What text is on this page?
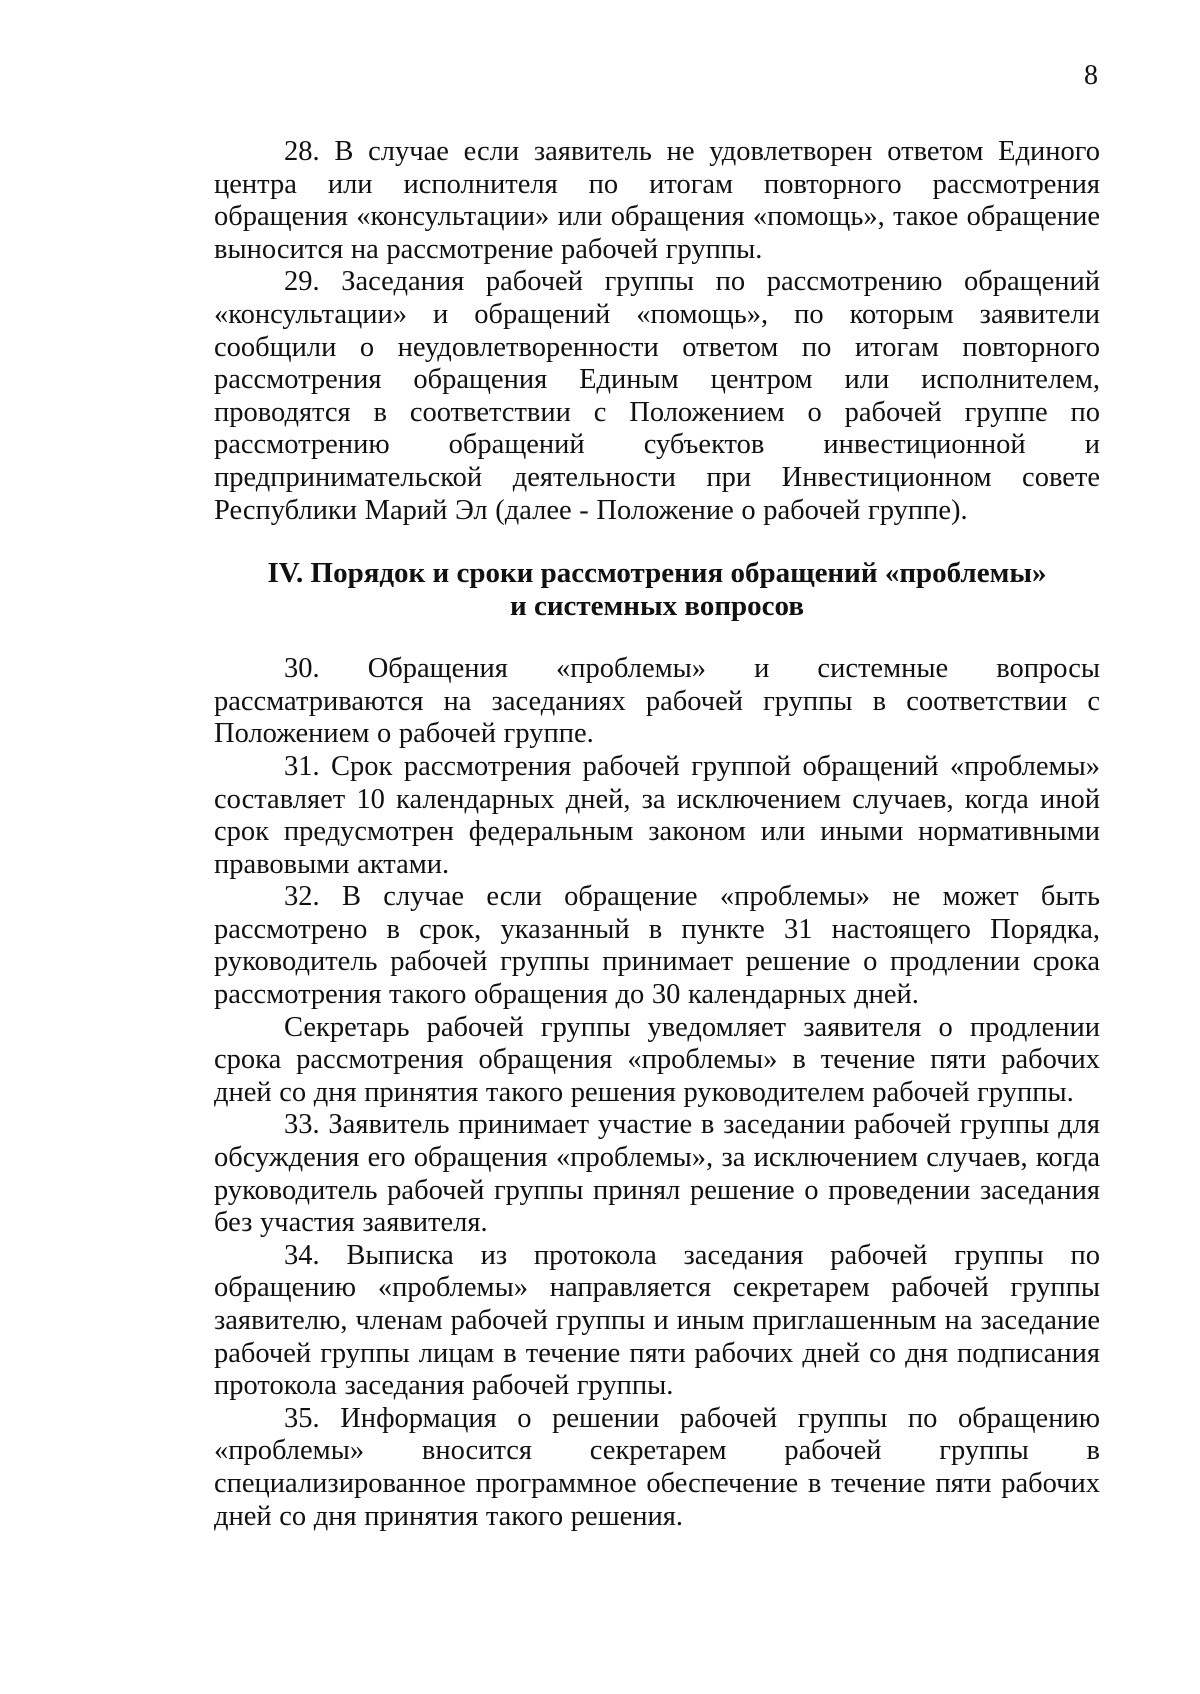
8

28. В случае если заявитель не удовлетворен ответом Единого центра или исполнителя по итогам повторного рассмотрения обращения «консультации» или обращения «помощь», такое обращение выносится на рассмотрение рабочей группы.

29. Заседания рабочей группы по рассмотрению обращений «консультации» и обращений «помощь», по которым заявители сообщили о неудовлетворенности ответом по итогам повторного рассмотрения обращения Единым центром или исполнителем, проводятся в соответствии с Положением о рабочей группе по рассмотрению обращений субъектов инвестиционной и предпринимательской деятельности при Инвестиционном совете Республики Марий Эл (далее - Положение о рабочей группе).

IV. Порядок и сроки рассмотрения обращений «проблемы»
и системных вопросов

30. Обращения «проблемы» и системные вопросы рассматриваются на заседаниях рабочей группы в соответствии с Положением о рабочей группе.

31. Срок рассмотрения рабочей группой обращений «проблемы» составляет 10 календарных дней, за исключением случаев, когда иной срок предусмотрен федеральным законом или иными нормативными правовыми актами.

32. В случае если обращение «проблемы» не может быть рассмотрено в срок, указанный в пункте 31 настоящего Порядка, руководитель рабочей группы принимает решение о продлении срока рассмотрения такого обращения до 30 календарных дней.

Секретарь рабочей группы уведомляет заявителя о продлении срока рассмотрения обращения «проблемы» в течение пяти рабочих дней со дня принятия такого решения руководителем рабочей группы.

33. Заявитель принимает участие в заседании рабочей группы для обсуждения его обращения «проблемы», за исключением случаев, когда руководитель рабочей группы принял решение о проведении заседания без участия заявителя.

34. Выписка из протокола заседания рабочей группы по обращению «проблемы» направляется секретарем рабочей группы заявителю, членам рабочей группы и иным приглашенным на заседание рабочей группы лицам в течение пяти рабочих дней со дня подписания протокола заседания рабочей группы.

35. Информация о решении рабочей группы по обращению «проблемы» вносится секретарем рабочей группы в специализированное программное обеспечение в течение пяти рабочих дней со дня принятия такого решения.
